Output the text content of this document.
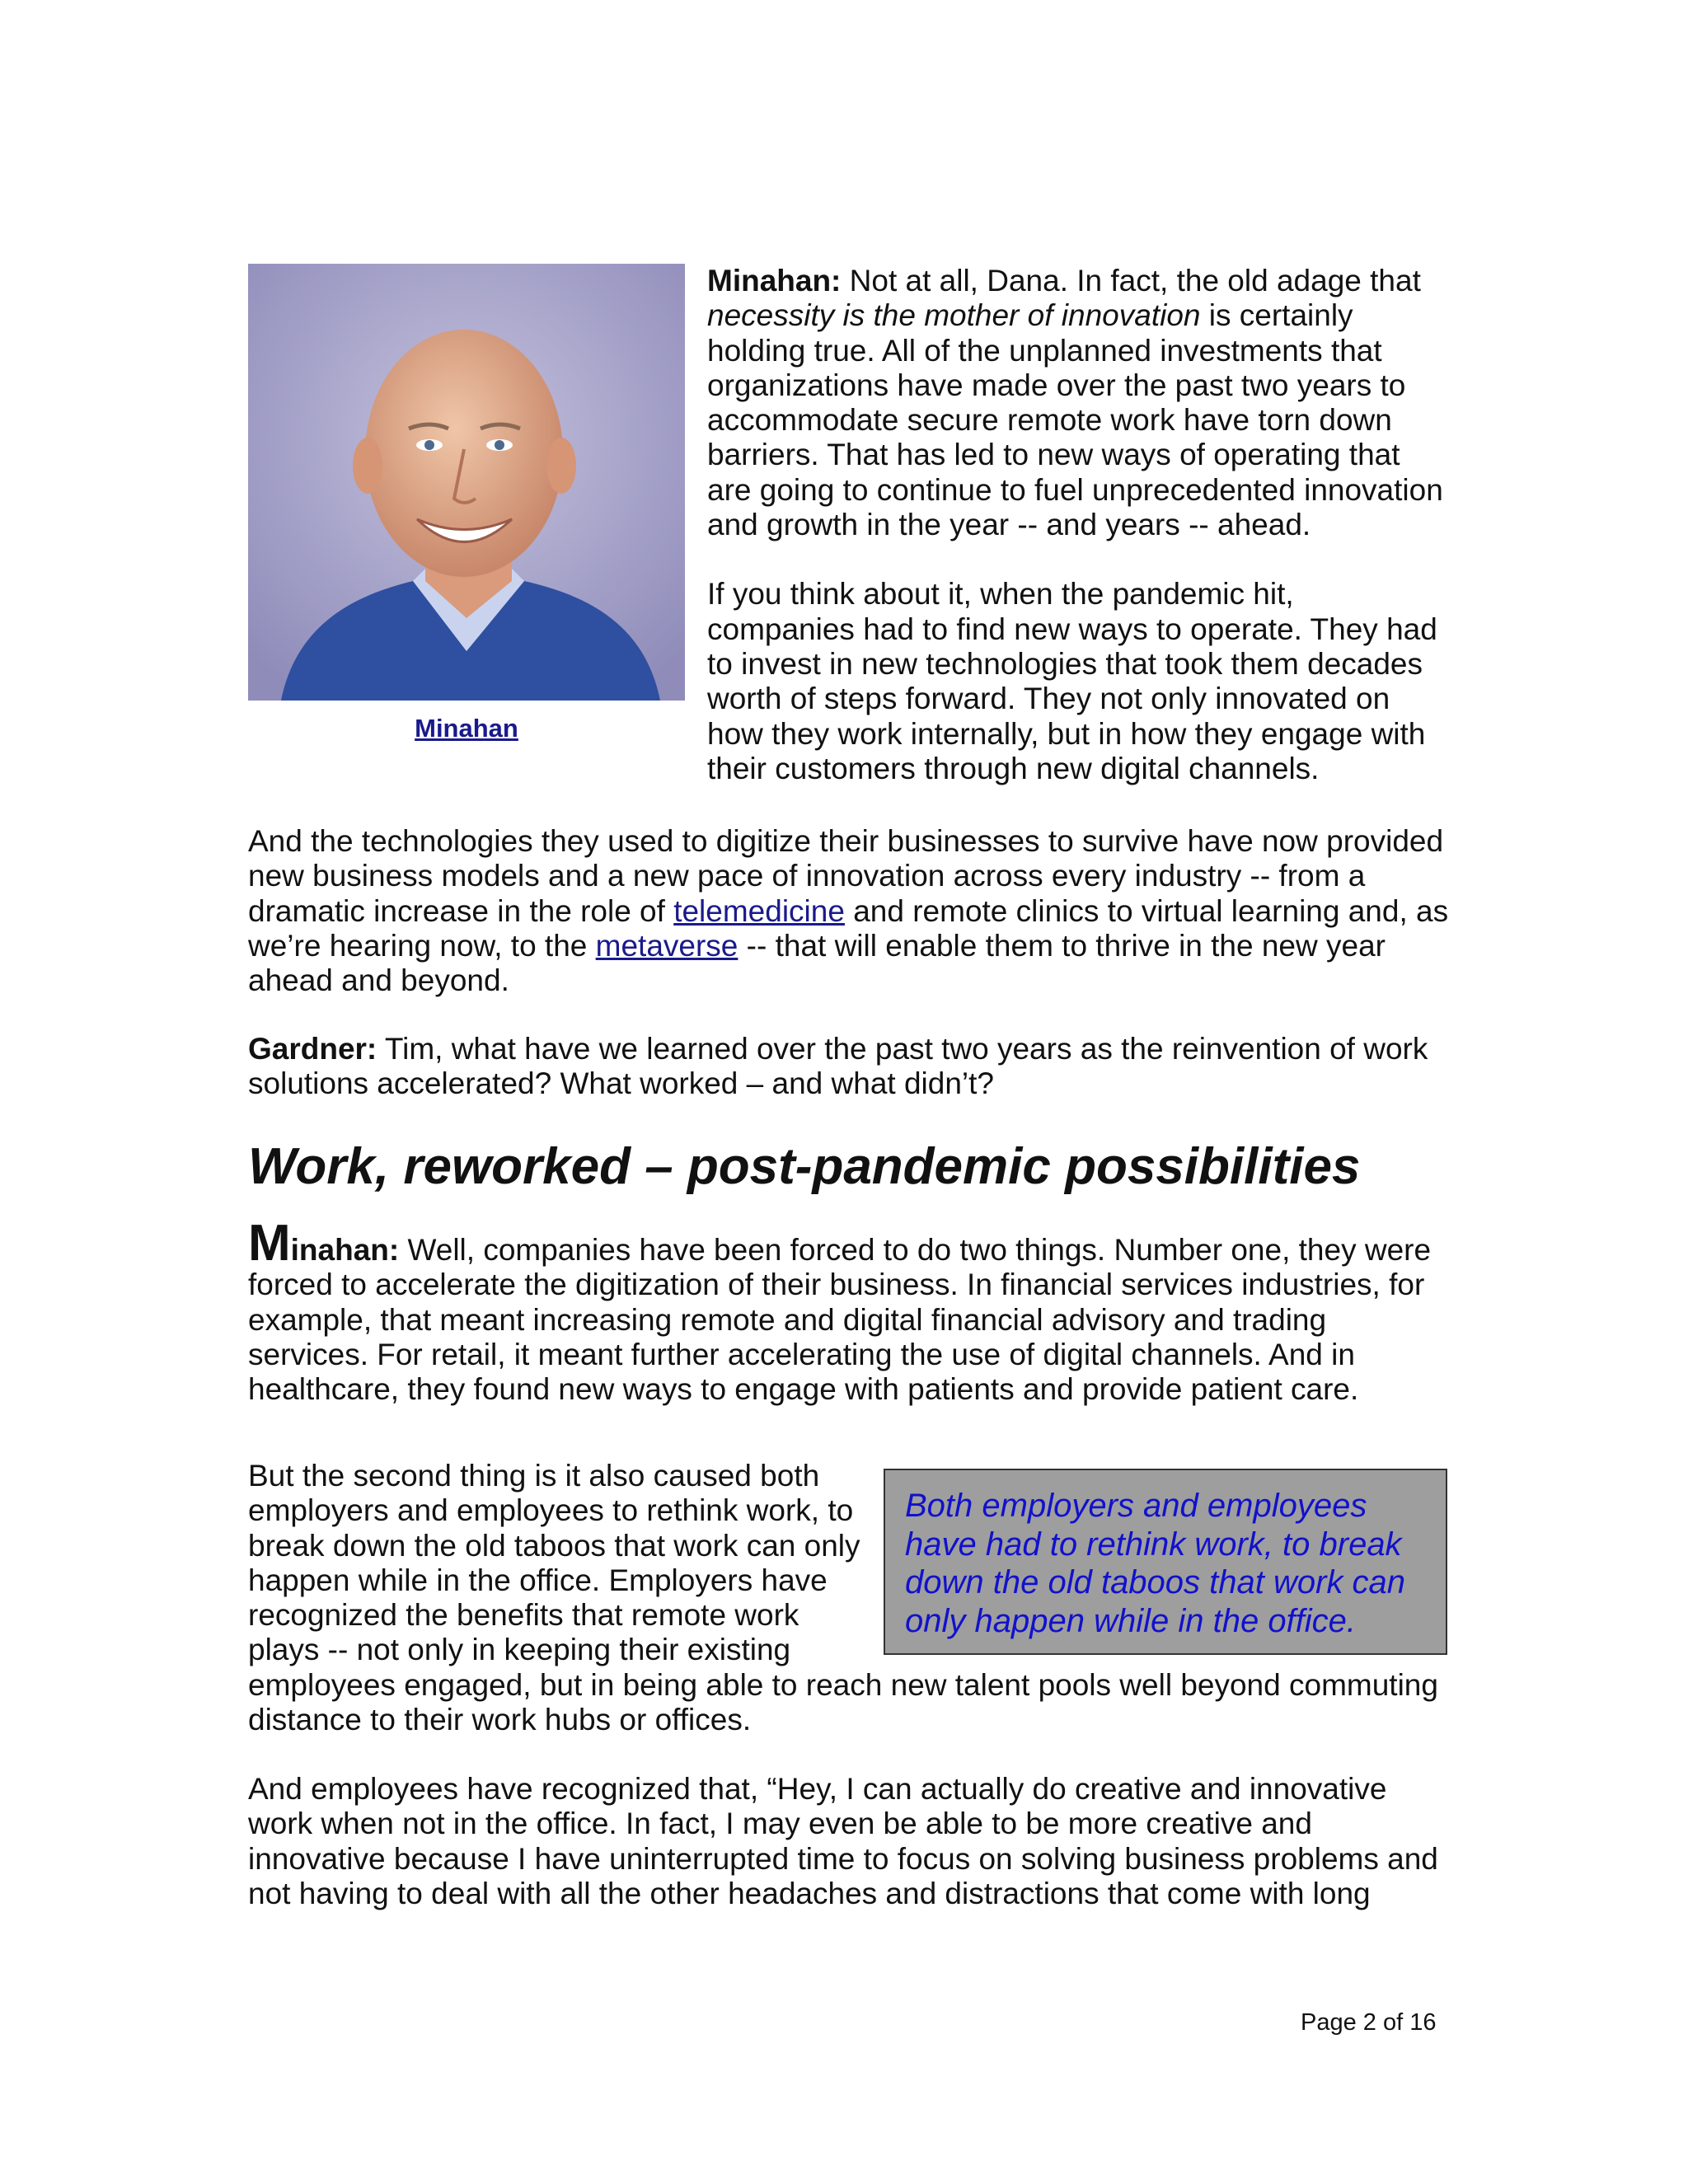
Minahan

Minahan: Not at all, Dana. In fact, the old adage that necessity is the mother of innovation is certainly holding true. All of the unplanned investments that organizations have made over the past two years to accommodate secure remote work have torn down barriers. That has led to new ways of operating that are going to continue to fuel unprecedented innovation and growth in the year -- and years -- ahead.

If you think about it, when the pandemic hit, companies had to find new ways to operate. They had to invest in new technologies that took them decades worth of steps forward. They not only innovated on how they work internally, but in how they engage with their customers through new digital channels.

And the technologies they used to digitize their businesses to survive have now provided new business models and a new pace of innovation across every industry -- from a dramatic increase in the role of telemedicine and remote clinics to virtual learning and, as we’re hearing now, to the metaverse -- that will enable them to thrive in the new year ahead and beyond.

Gardner: Tim, what have we learned over the past two years as the reinvention of work solutions accelerated? What worked – and what didn’t?

Work, reworked – post-pandemic possibilities

Minahan: Well, companies have been forced to do two things. Number one, they were forced to accelerate the digitization of their business. In financial services industries, for example, that meant increasing remote and digital financial advisory and trading services. For retail, it meant further accelerating the use of digital channels. And in healthcare, they found new ways to engage with patients and provide patient care.

But the second thing is it also caused both
employers and employees to rethink work, to
break down the old taboos that work can only
happen while in the office. Employers have
recognized the benefits that remote work
plays -- not only in keeping their existing

employees engaged, but in being able to reach new talent pools well beyond commuting distance to their work hubs or offices.

Both employers and employees have had to rethink work, to break down the old taboos that work can only happen while in the office.

And employees have recognized that, “Hey, I can actually do creative and innovative work when not in the office. In fact, I may even be able to be more creative and innovative because I have uninterrupted time to focus on solving business problems and not having to deal with all the other headaches and distractions that come with long

Page 2 of 16
